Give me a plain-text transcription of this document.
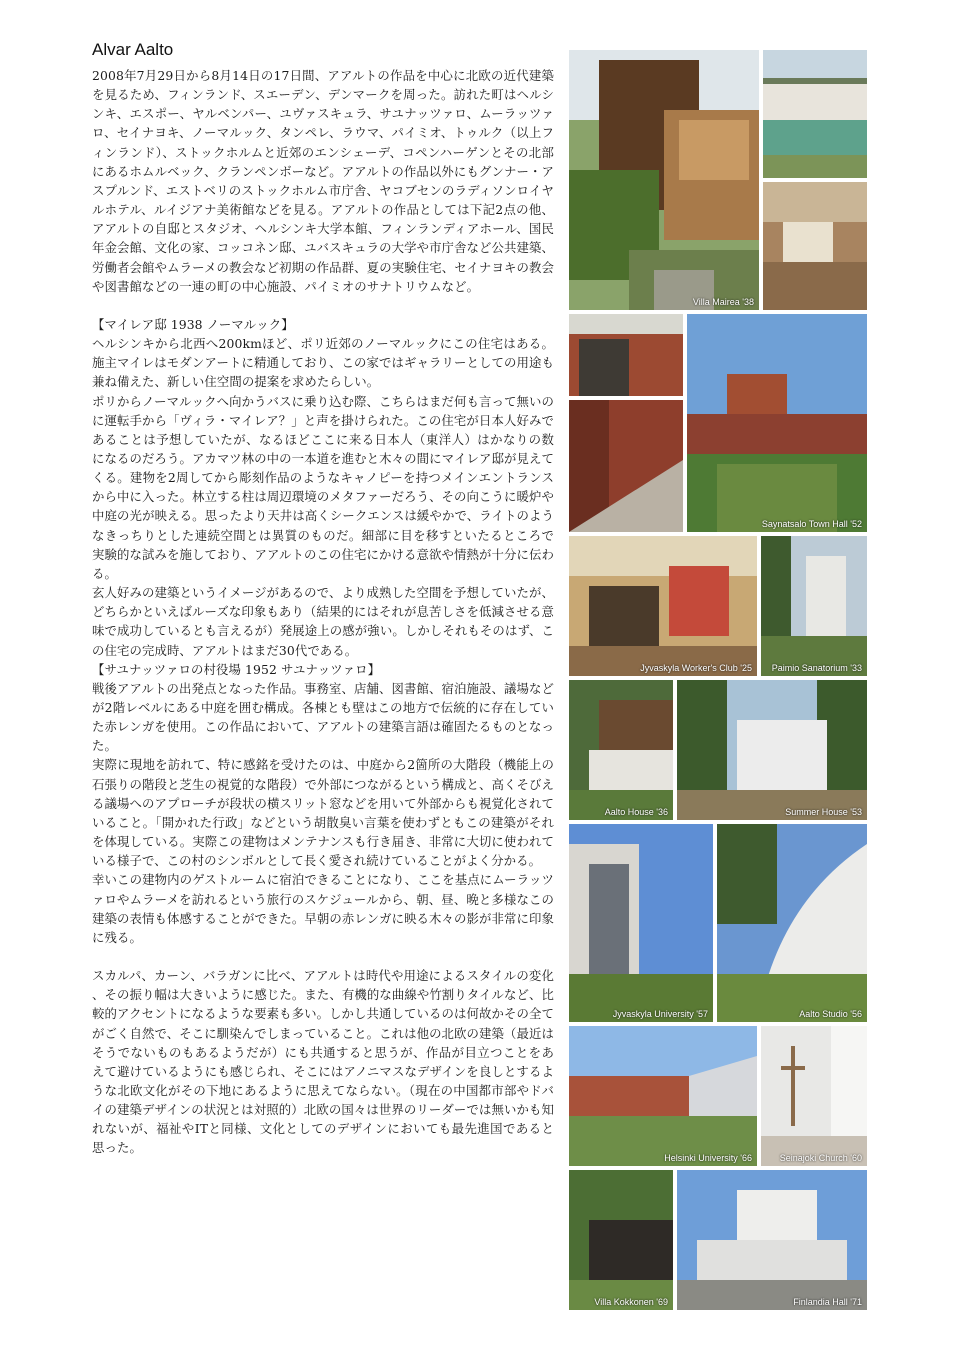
Alvar Aalto

2008年7月29日から8月14日の17日間、アアルトの作品を中心に北欧の近代建築を見るため、フィンランド、スエーデン、デンマークを周った。訪れた町はヘルシンキ、エスポー、ヤルベンパー、ユヴァスキュラ、サユナッツァロ、ムーラッツァロ、セイナヨキ、ノーマルック、タンペレ、ラウマ、パイミオ、トゥルク（以上フィンランド）、ストックホルムと近郊のエンシェーデ、コペンハーゲンとその北部にあるホムルベック、クランペンボーなど。アアルトの作品以外にもグンナー・アスプルンド、エストベリのストックホルム市庁舎、ヤコブセンのラディソンロイヤルホテル、ルイジアナ美術館などを見る。アアルトの作品としては下記2点の他、アアルトの自邸とスタジオ、ヘルシンキ大学本館、フィンランディアホール、国民年金会館、文化の家、コッコネン邸、ユバスキュラの大学や市庁舎など公共建築、労働者会館やムラーメの教会など初期の作品群、夏の実験住宅、セイナヨキの教会や図書館などの一連の町の中心施設、パイミオのサナトリウムなど。

【マイレア邸 1938 ノーマルック】

ヘルシンキから北西へ200kmほど、ポリ近郊のノーマルックにこの住宅はある。施主マイレはモダンアートに精通しており、この家ではギャラリーとしての用途も兼ね備えた、新しい住空間の提案を求めたらしい。

ポリからノーマルックへ向かうバスに乗り込む際、こちらはまだ何も言って無いのに運転手から「ヴィラ・マイレア？」と声を掛けられた。この住宅が日本人好みであることは予想していたが、なるほどここに来る日本人（東洋人）はかなりの数になるのだろう。アカマツ林の中の一本道を進むと木々の間にマイレア邸が見えてくる。建物を2周してから彫刻作品のようなキャノピーを持つメインエントランスから中に入った。林立する柱は周辺環境のメタファーだろう、その向こうに暖炉や中庭の光が映える。思ったより天井は高くシークエンスは緩やかで、ライトのようなきっちりとした連続空間とは異質のものだ。細部に目を移すといたるところで実験的な試みを施しており、アアルトのこの住宅にかける意欲や情熱が十分に伝わる。

玄人好みの建築というイメージがあるので、より成熟した空間を予想していたが、どちらかといえばルーズな印象もあり（結果的にはそれが息苦しさを低減させる意味で成功しているとも言えるが）発展途上の感が強い。しかしそれもそのはず、この住宅の完成時、アアルトはまだ30代である。

【サユナッツァロの村役場 1952 サユナッツァロ】

戦後アアルトの出発点となった作品。事務室、店舗、図書館、宿泊施設、議場などが2階レベルにある中庭を囲む構成。各棟とも壁はこの地方で伝統的に存在していた赤レンガを使用。この作品において、アアルトの建築言語は確固たるものとなった。

実際に現地を訪れて、特に感銘を受けたのは、中庭から2箇所の大階段（機能上の石張りの階段と芝生の視覚的な階段）で外部につながるという構成と、高くそびえる議場へのアプローチが段状の横スリット窓などを用いて外部からも視覚化されていること。「開かれた行政」などという胡散臭い言葉を使わずともこの建築がそれを体現している。実際この建物はメンテナンスも行き届き、非常に大切に使われている様子で、この村のシンボルとして長く愛され続けていることがよく分かる。

幸いこの建物内のゲストルームに宿泊できることになり、ここを基点にムーラッツァロやムラーメを訪れるという旅行のスケジュールから、朝、昼、晩と多様なこの建築の表情も体感することができた。早朝の赤レンガに映る木々の影が非常に印象に残る。

スカルパ、カーン、バラガンに比べ、アアルトは時代や用途によるスタイルの変化、その振り幅は大きいように感じた。また、有機的な曲線や竹割りタイルなど、比較的アクセントになるような要素も多い。しかし共通しているのは何故かその全てがごく自然で、そこに馴染んでしまっていること。これは他の北欧の建築（最近はそうでないものもあるようだが）にも共通すると思うが、作品が目立つことをあえて避けているようにも感じられ、そこにはアノニマスなデザインを良しとするような北欧文化がその下地にあるように思えてならない。（現在の中国都市部やドバイの建築デザインの状況とは対照的）北欧の国々は世界のリーダーでは無いかも知れないが、福祉やITと同様、文化としてのデザインにおいても最先進国であると思った。

Villa Mairea '38
Saynatsalo Town Hall '52
Jyvaskyla Worker's Club '25 Paimio Sanatorium '33
Aalto House '36	Summer House '53
Jyvaskyla University '57	Aalto Studio '56
Helsinki University '66	Seinajoki Church '60
Villa Kokkonen '69	Finlandia Hall '71
